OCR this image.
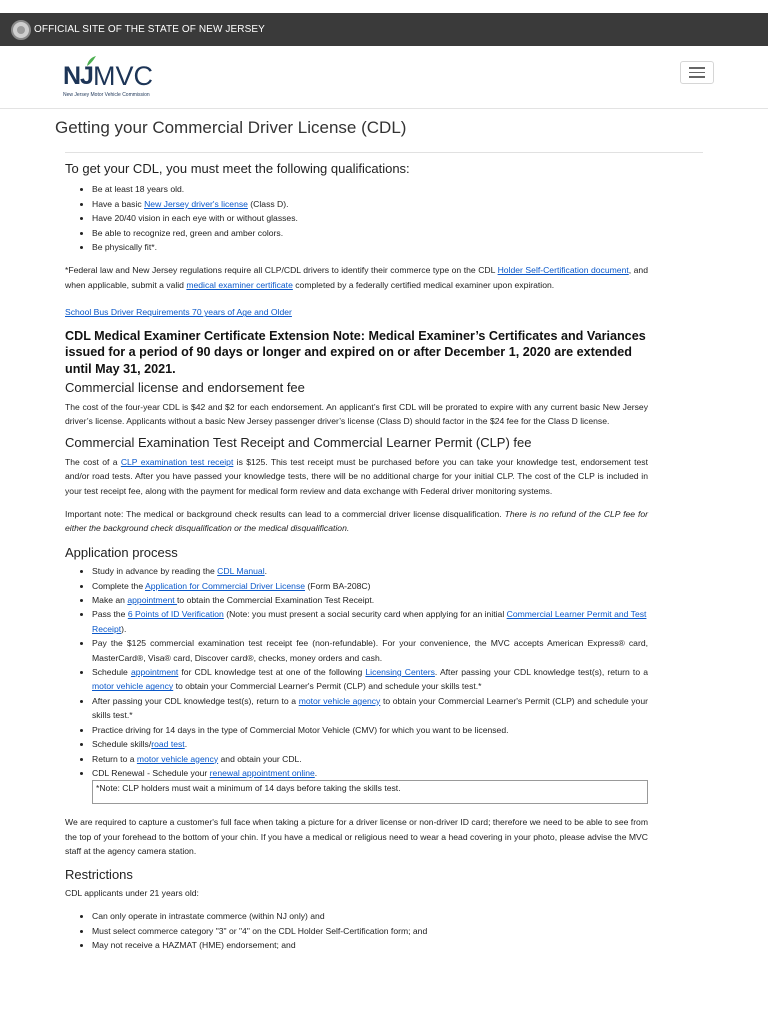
OFFICIAL SITE OF THE STATE OF NEW JERSEY
NJ MVC
New Jersey Motor Vehicle Commission
Getting your Commercial Driver License (CDL)
To get your CDL, you must meet the following qualifications:
• Be at least 18 years old.
• Have a basic New Jersey driver's license (Class D).
• Have 20/40 vision in each eye with or without glasses.
• Be able to recognize red, green and amber colors.
• Be physically fit*.

*Federal law and New Jersey regulations require all CLP/CDL drivers to identify their commerce type on the CDL Holder Self-Certification document, and when applicable, submit a valid medical examiner certificate completed by a federally certified medical examiner upon expiration.

School Bus Driver Requirements 70 years of Age and Older

CDL Medical Examiner Certificate Extension Note: Medical Examiner’s Certificates and Variances issued for a period of 90 days or longer and expired on or after December 1, 2020 are extended until May 31, 2021.
Commercial license and endorsement fee

The cost of the four-year CDL is $42 and $2 for each endorsement. An applicant’s first CDL will be prorated to expire with any current basic New Jersey driver’s license. Applicants without a basic New Jersey passenger driver’s license (Class D) should factor in the $24 fee for the Class D license.

Commercial Examination Test Receipt and Commercial Learner Permit (CLP) fee

The cost of a CLP examination test receipt is $125. This test receipt must be purchased before you can take your knowledge test, endorsement test and/or road tests. After you have passed your knowledge tests, there will be no additional charge for your initial CLP. The cost of the CLP is included in your test receipt fee, along with the payment for medical form review and data exchange with Federal driver monitoring systems.

Important note: The medical or background check results can lead to a commercial driver license disqualification. There is no refund of the CLP fee for either the background check disqualification or the medical disqualification.

Application process
• Study in advance by reading the CDL Manual.
• Complete the Application for Commercial Driver License (Form BA-208C)
• Make an appointment to obtain the Commercial Examination Test Receipt.
• Pass the 6 Points of ID Verification (Note: you must present a social security card when applying for an initial Commercial Learner Permit and Test Receipt).
• Pay the $125 commercial examination test receipt fee (non-refundable). For your convenience, the MVC accepts American Express® card, MasterCard®, Visa® card, Discover card®, checks, money orders and cash.
• Schedule appointment for CDL knowledge test at one of the following Licensing Centers. After passing your CDL knowledge test(s), return to a motor vehicle agency to obtain your Commercial Learner's Permit (CLP) and schedule your skills test.*
• After passing your CDL knowledge test(s), return to a motor vehicle agency to obtain your Commercial Learner's Permit (CLP) and schedule your skills test.*
• Practice driving for 14 days in the type of Commercial Motor Vehicle (CMV) for which you want to be licensed.
• Schedule skills/road test.
• Return to a motor vehicle agency and obtain your CDL.
• CDL Renewal - Schedule your renewal appointment online.
*Note: CLP holders must wait a minimum of 14 days before taking the skills test.

We are required to capture a customer's full face when taking a picture for a driver license or non-driver ID card; therefore we need to be able to see from the top of your forehead to the bottom of your chin. If you have a medical or religious need to wear a head covering in your photo, please advise the MVC staff at the agency camera station.

Restrictions

CDL applicants under 21 years old:

• Can only operate in intrastate commerce (within NJ only) and
• Must select commerce category "3" or "4" on the CDL Holder Self-Certification form; and
• May not receive a HAZMAT (HME) endorsement; and
